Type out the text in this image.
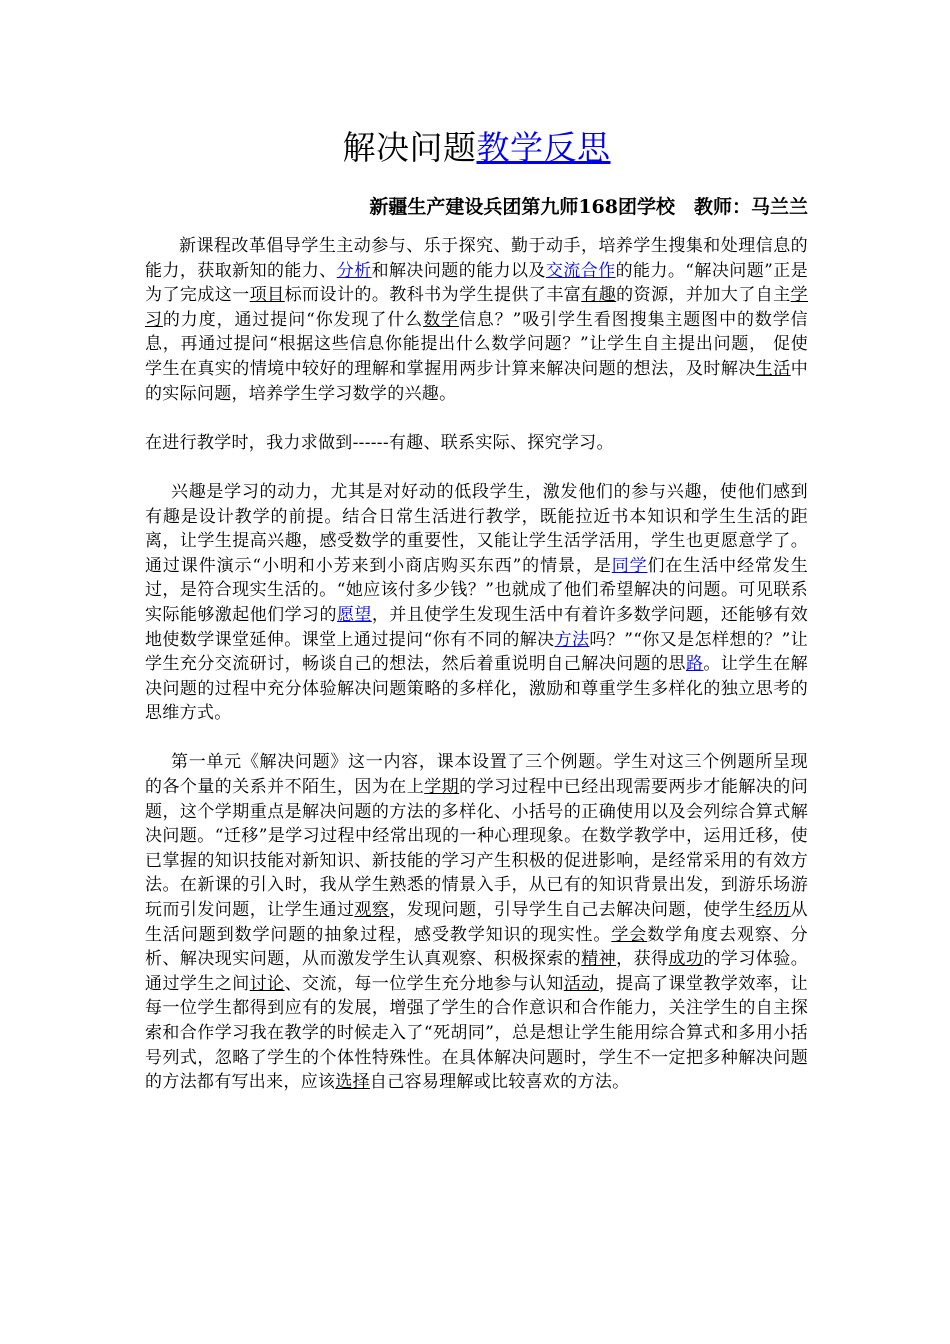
解决问题教学反思

新疆生产建设兵团第九师168团学校　教师：马兰兰

新课程改革倡导学生主动参与、乐于探究、勤于动手，培养学生搜集和处理信息的能力，获取新知的能力、分析和解决问题的能力以及交流合作的能力。“解决问题”正是为了完成这一项目标而设计的。教科书为学生提供了丰富有趣的资源，并加大了自主学习的力度，通过提问“你发现了什么数学信息？”吸引学生看图搜集主题图中的数学信息，再通过提问“根据这些信息你能提出什么数学问题？”让学生自主提出问题， 促使学生在真实的情境中较好的理解和掌握用两步计算来解决问题的想法，及时解决生活中的实际问题，培养学生学习数学的兴趣。

在进行教学时，我力求做到------有趣、联系实际、探究学习。

兴趣是学习的动力，尤其是对好动的低段学生，激发他们的参与兴趣，使他们感到有趣是设计教学的前提。结合日常生活进行教学，既能拉近书本知识和学生生活的距离，让学生提高兴趣，感受数学的重要性，又能让学生活学活用，学生也更愿意学了。通过课件演示“小明和小芳来到小商店购买东西”的情景，是同学们在生活中经常发生过，是符合现实生活的。“她应该付多少钱？”也就成了他们希望解决的问题。可见联系实际能够激起他们学习的愿望，并且使学生发现生活中有着许多数学问题，还能够有效地使数学课堂延伸。课堂上通过提问“你有不同的解决方法吗？”“你又是怎样想的？”让学生充分交流研讨，畅谈自己的想法，然后着重说明自己解决问题的思路。让学生在解决问题的过程中充分体验解决问题策略的多样化，激励和尊重学生多样化的独立思考的思维方式。

第一单元《解决问题》这一内容，课本设置了三个例题。学生对这三个例题所呈现的各个量的关系并不陌生，因为在上学期的学习过程中已经出现需要两步才能解决的问题，这个学期重点是解决问题的方法的多样化、小括号的正确使用以及会列综合算式解决问题。“迁移”是学习过程中经常出现的一种心理现象。在数学教学中，运用迁移，使已掌握的知识技能对新知识、新技能的学习产生积极的促进影响，是经常采用的有效方法。在新课的引入时，我从学生熟悉的情景入手，从已有的知识背景出发，到游乐场游玩而引发问题，让学生通过观察，发现问题，引导学生自己去解决问题，使学生经历从生活问题到数学问题的抽象过程，感受教学知识的现实性。学会数学角度去观察、分析、解决现实问题，从而激发学生认真观察、积极探索的精神，获得成功的学习体验。通过学生之间讨论、交流，每一位学生充分地参与认知活动，提高了课堂教学效率，让每一位学生都得到应有的发展，增强了学生的合作意识和合作能力，关注学生的自主探索和合作学习我在教学的时候走入了“死胡同”，总是想让学生能用综合算式和多用小括号列式，忽略了学生的个体性特殊性。在具体解决问题时，学生不一定把多种解决问题的方法都有写出来，应该选择自己容易理解或比较喜欢的方法。
